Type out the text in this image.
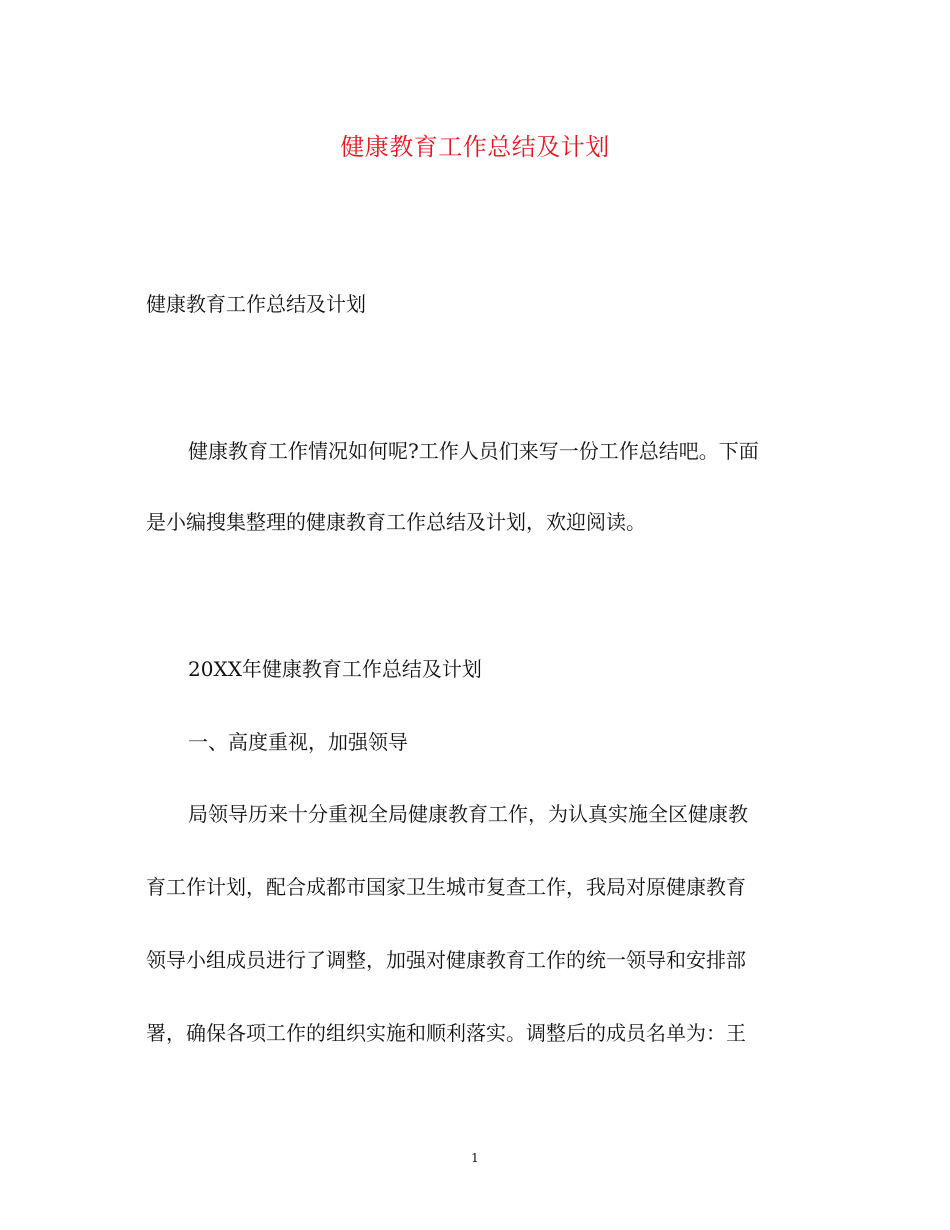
健康教育工作总结及计划
健康教育工作总结及计划
健康教育工作情况如何呢?工作人员们来写一份工作总结吧。下面
是小编搜集整理的健康教育工作总结及计划，欢迎阅读。
20XX年健康教育工作总结及计划
一、高度重视，加强领导
局领导历来十分重视全局健康教育工作，为认真实施全区健康教
育工作计划，配合成都市国家卫生城市复查工作，我局对原健康教育
领导小组成员进行了调整，加强对健康教育工作的统一领导和安排部
署，确保各项工作的组织实施和顺利落实。调整后的成员名单为：王
1
